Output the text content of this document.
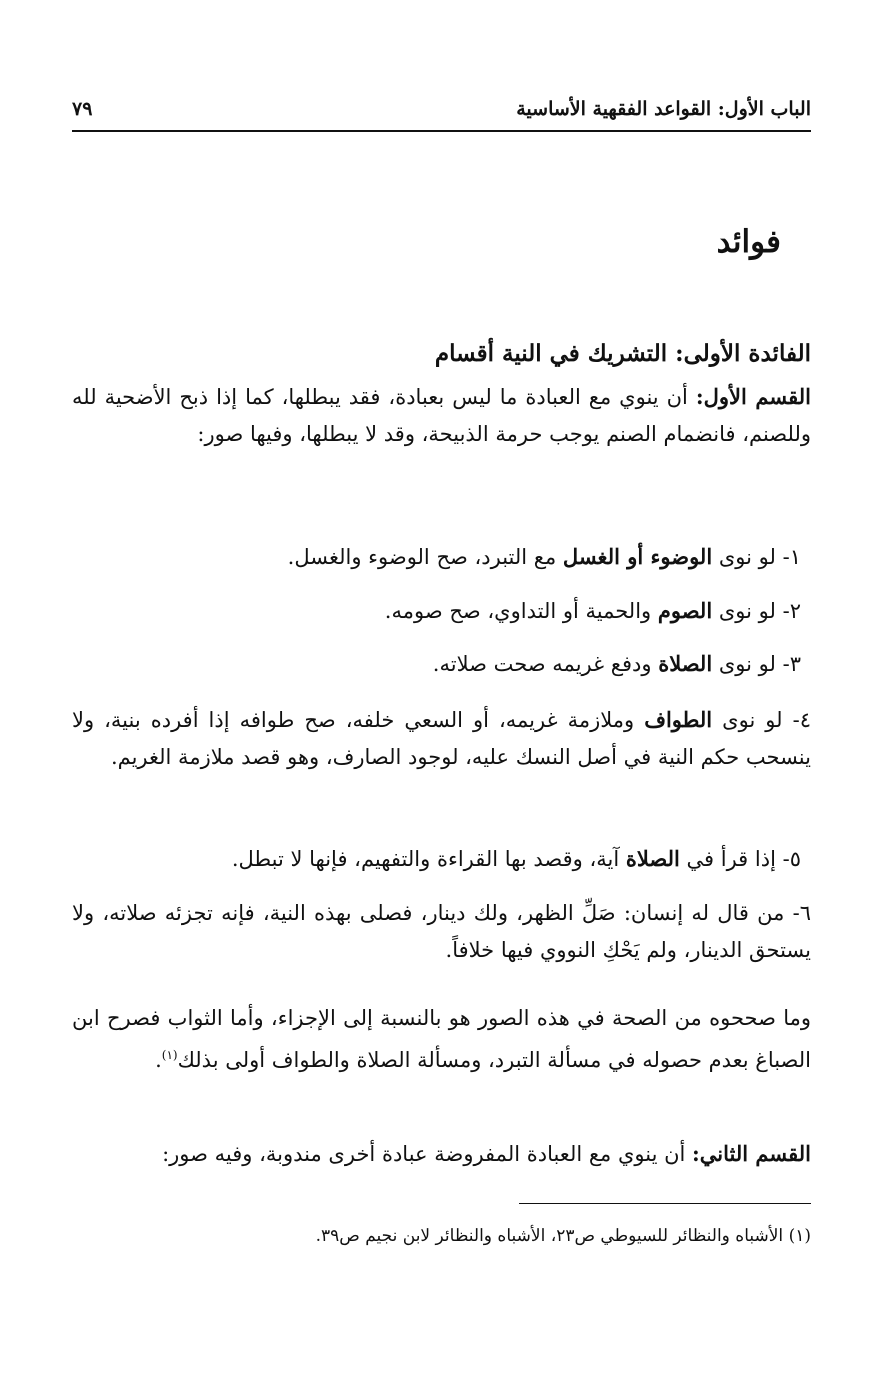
الباب الأول: القواعد الفقهية الأساسية
٧٩
فوائد
الفائدة الأولى: التشريك في النية أقسام

القسم الأول: أن ينوي مع العبادة ما ليس بعبادة، فقد يبطلها، كما إذا ذبح الأضحية لله وللصنم، فانضمام الصنم يوجب حرمة الذبيحة، وقد لا يبطلها، وفيها صور:

١- لو نوى الوضوء أو الغسل مع التبرد، صح الوضوء والغسل.

٢- لو نوى الصوم والحمية أو التداوي، صح صومه.

٣- لو نوى الصلاة ودفع غريمه صحت صلاته.

٤- لو نوى الطواف وملازمة غريمه، أو السعي خلفه، صح طوافه إذا أفرده بنية، ولا ينسحب حكم النية في أصل النسك عليه، لوجود الصارف، وهو قصد ملازمة الغريم.

٥- إذا قرأ في الصلاة آية، وقصد بها القراءة والتفهيم، فإنها لا تبطل.

٦- من قال له إنسان: صَلِّ الظهر، ولك دينار، فصلى بهذه النية، فإنه تجزئه صلاته، ولا يستحق الدينار، ولم يَحْكِ النووي فيها خلافاً.

وما صححوه من الصحة في هذه الصور هو بالنسبة إلى الإجزاء، وأما الثواب فصرح ابن الصباغ بعدم حصوله في مسألة التبرد، ومسألة الصلاة والطواف أولى بذلك$^{(١)}$.

القسم الثاني: أن ينوي مع العبادة المفروضة عبادة أخرى مندوبة، وفيه صور:

(١) الأشباه والنظائر للسيوطي ص٢٣، الأشباه والنظائر لابن نجيم ص٣٩.
